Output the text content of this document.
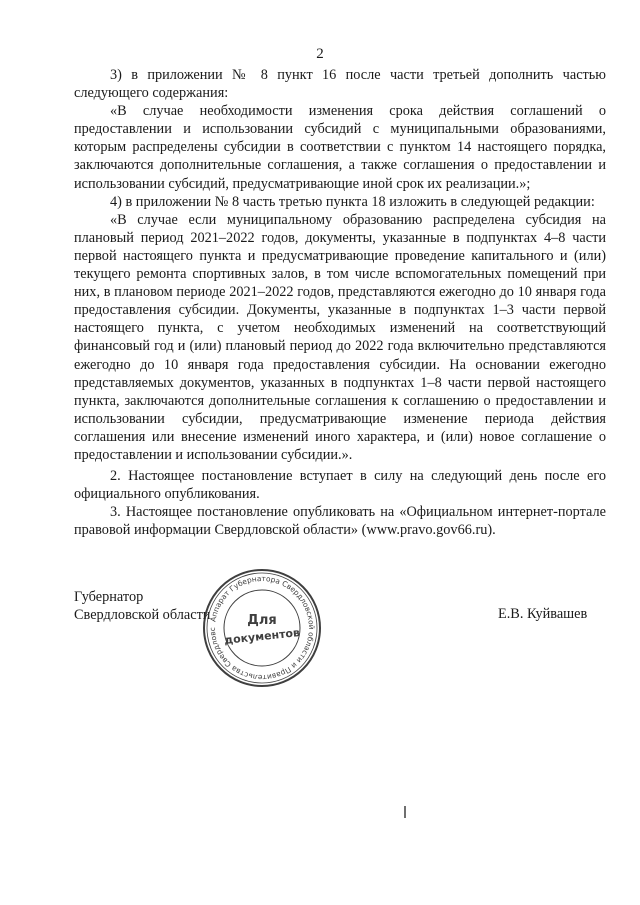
2

3) в приложении № 8 пункт 16 после части третьей дополнить частью следующего содержания:

«В случае необходимости изменения срока действия соглашений о предоставлении и использовании субсидий с муниципальными образованиями, которым распределены субсидии в соответствии с пунктом 14 настоящего порядка, заключаются дополнительные соглашения, а также соглашения о предоставлении и использовании субсидий, предусматривающие иной срок их реализации.»;

4) в приложении № 8 часть третью пункта 18 изложить в следующей редакции:

«В случае если муниципальному образованию распределена субсидия на плановый период 2021–2022 годов, документы, указанные в подпунктах 4–8 части первой настоящего пункта и предусматривающие проведение капитального и (или) текущего ремонта спортивных залов, в том числе вспомогательных помещений при них, в плановом периоде 2021–2022 годов, представляются ежегодно до 10 января года предоставления субсидии. Документы, указанные в подпунктах 1–3 части первой настоящего пункта, с учетом необходимых изменений на соответствующий финансовый год и (или) плановый период до 2022 года включительно представляются ежегодно до 10 января года предоставления субсидии. На основании ежегодно представляемых документов, указанных в подпунктах 1–8 части первой настоящего пункта, заключаются дополнительные соглашения к соглашению о предоставлении и использовании субсидии, предусматривающие изменение периода действия соглашения или внесение изменений иного характера, и (или) новое соглашение о предоставлении и использовании субсидии.».

2. Настоящее постановление вступает в силу на следующий день после его официального опубликования.

3. Настоящее постановление опубликовать на «Официальном интернет-портале правовой информации Свердловской области» (www.pravo.gov66.ru).

Губернатор
Свердловской области
Аппарат Губернатора Свердловской области и Правительства Свердловс
Для
документов
Е.В. Куйвашев
